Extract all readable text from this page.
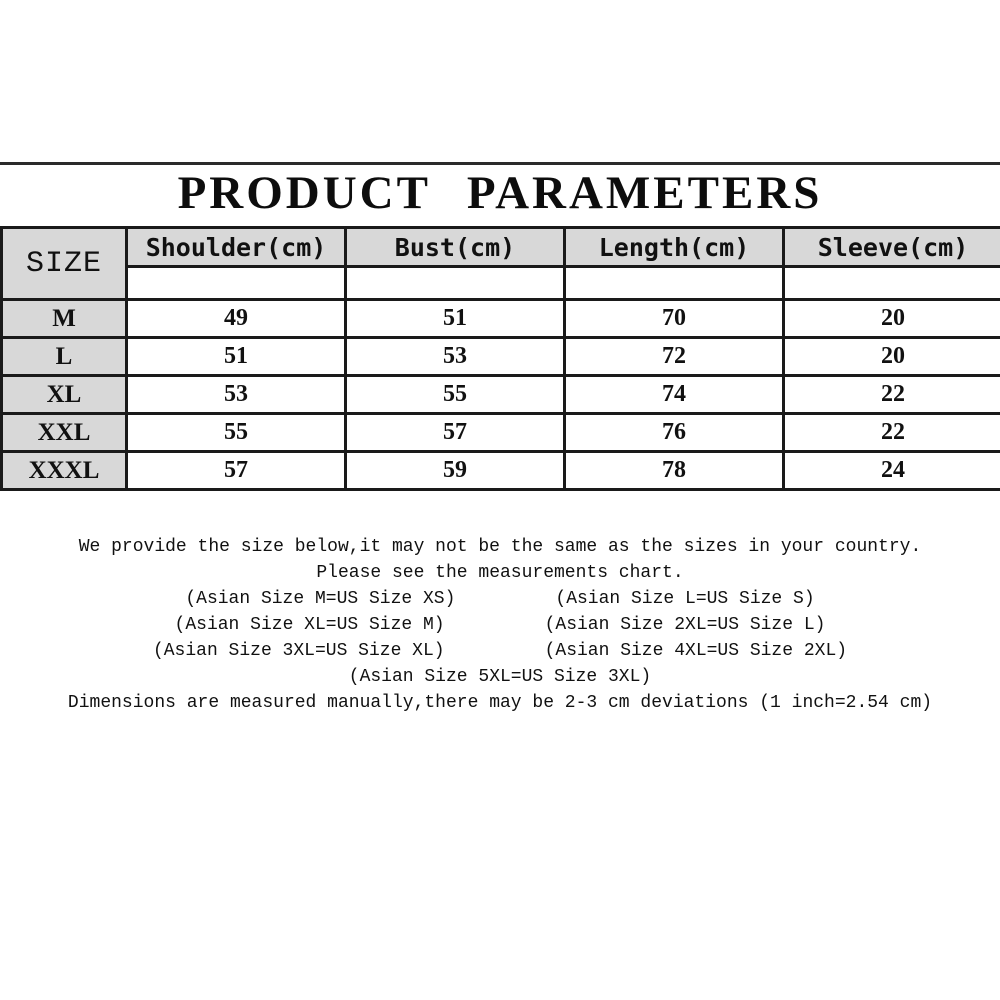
PRODUCT PARAMETERS
SIZE	Shoulder(cm)	Bust(cm)	Length(cm)	Sleeve(cm)

M	49	51	70	20
L	51	53	72	20
XL	53	55	74	22
XXL	55	57	76	22
XXXL	57	59	78	24
We provide the size below,it may not be the same as the sizes in your country.
Please see the measurements chart.
(Asian Size M=US Size XS)	(Asian Size L=US Size S)
(Asian Size XL=US Size M)	(Asian Size 2XL=US Size L)
(Asian Size 3XL=US Size XL)	(Asian Size 4XL=US Size 2XL)
(Asian Size 5XL=US Size 3XL)
Dimensions are measured manually,there may be 2-3 cm deviations (1 inch=2.54 cm)
